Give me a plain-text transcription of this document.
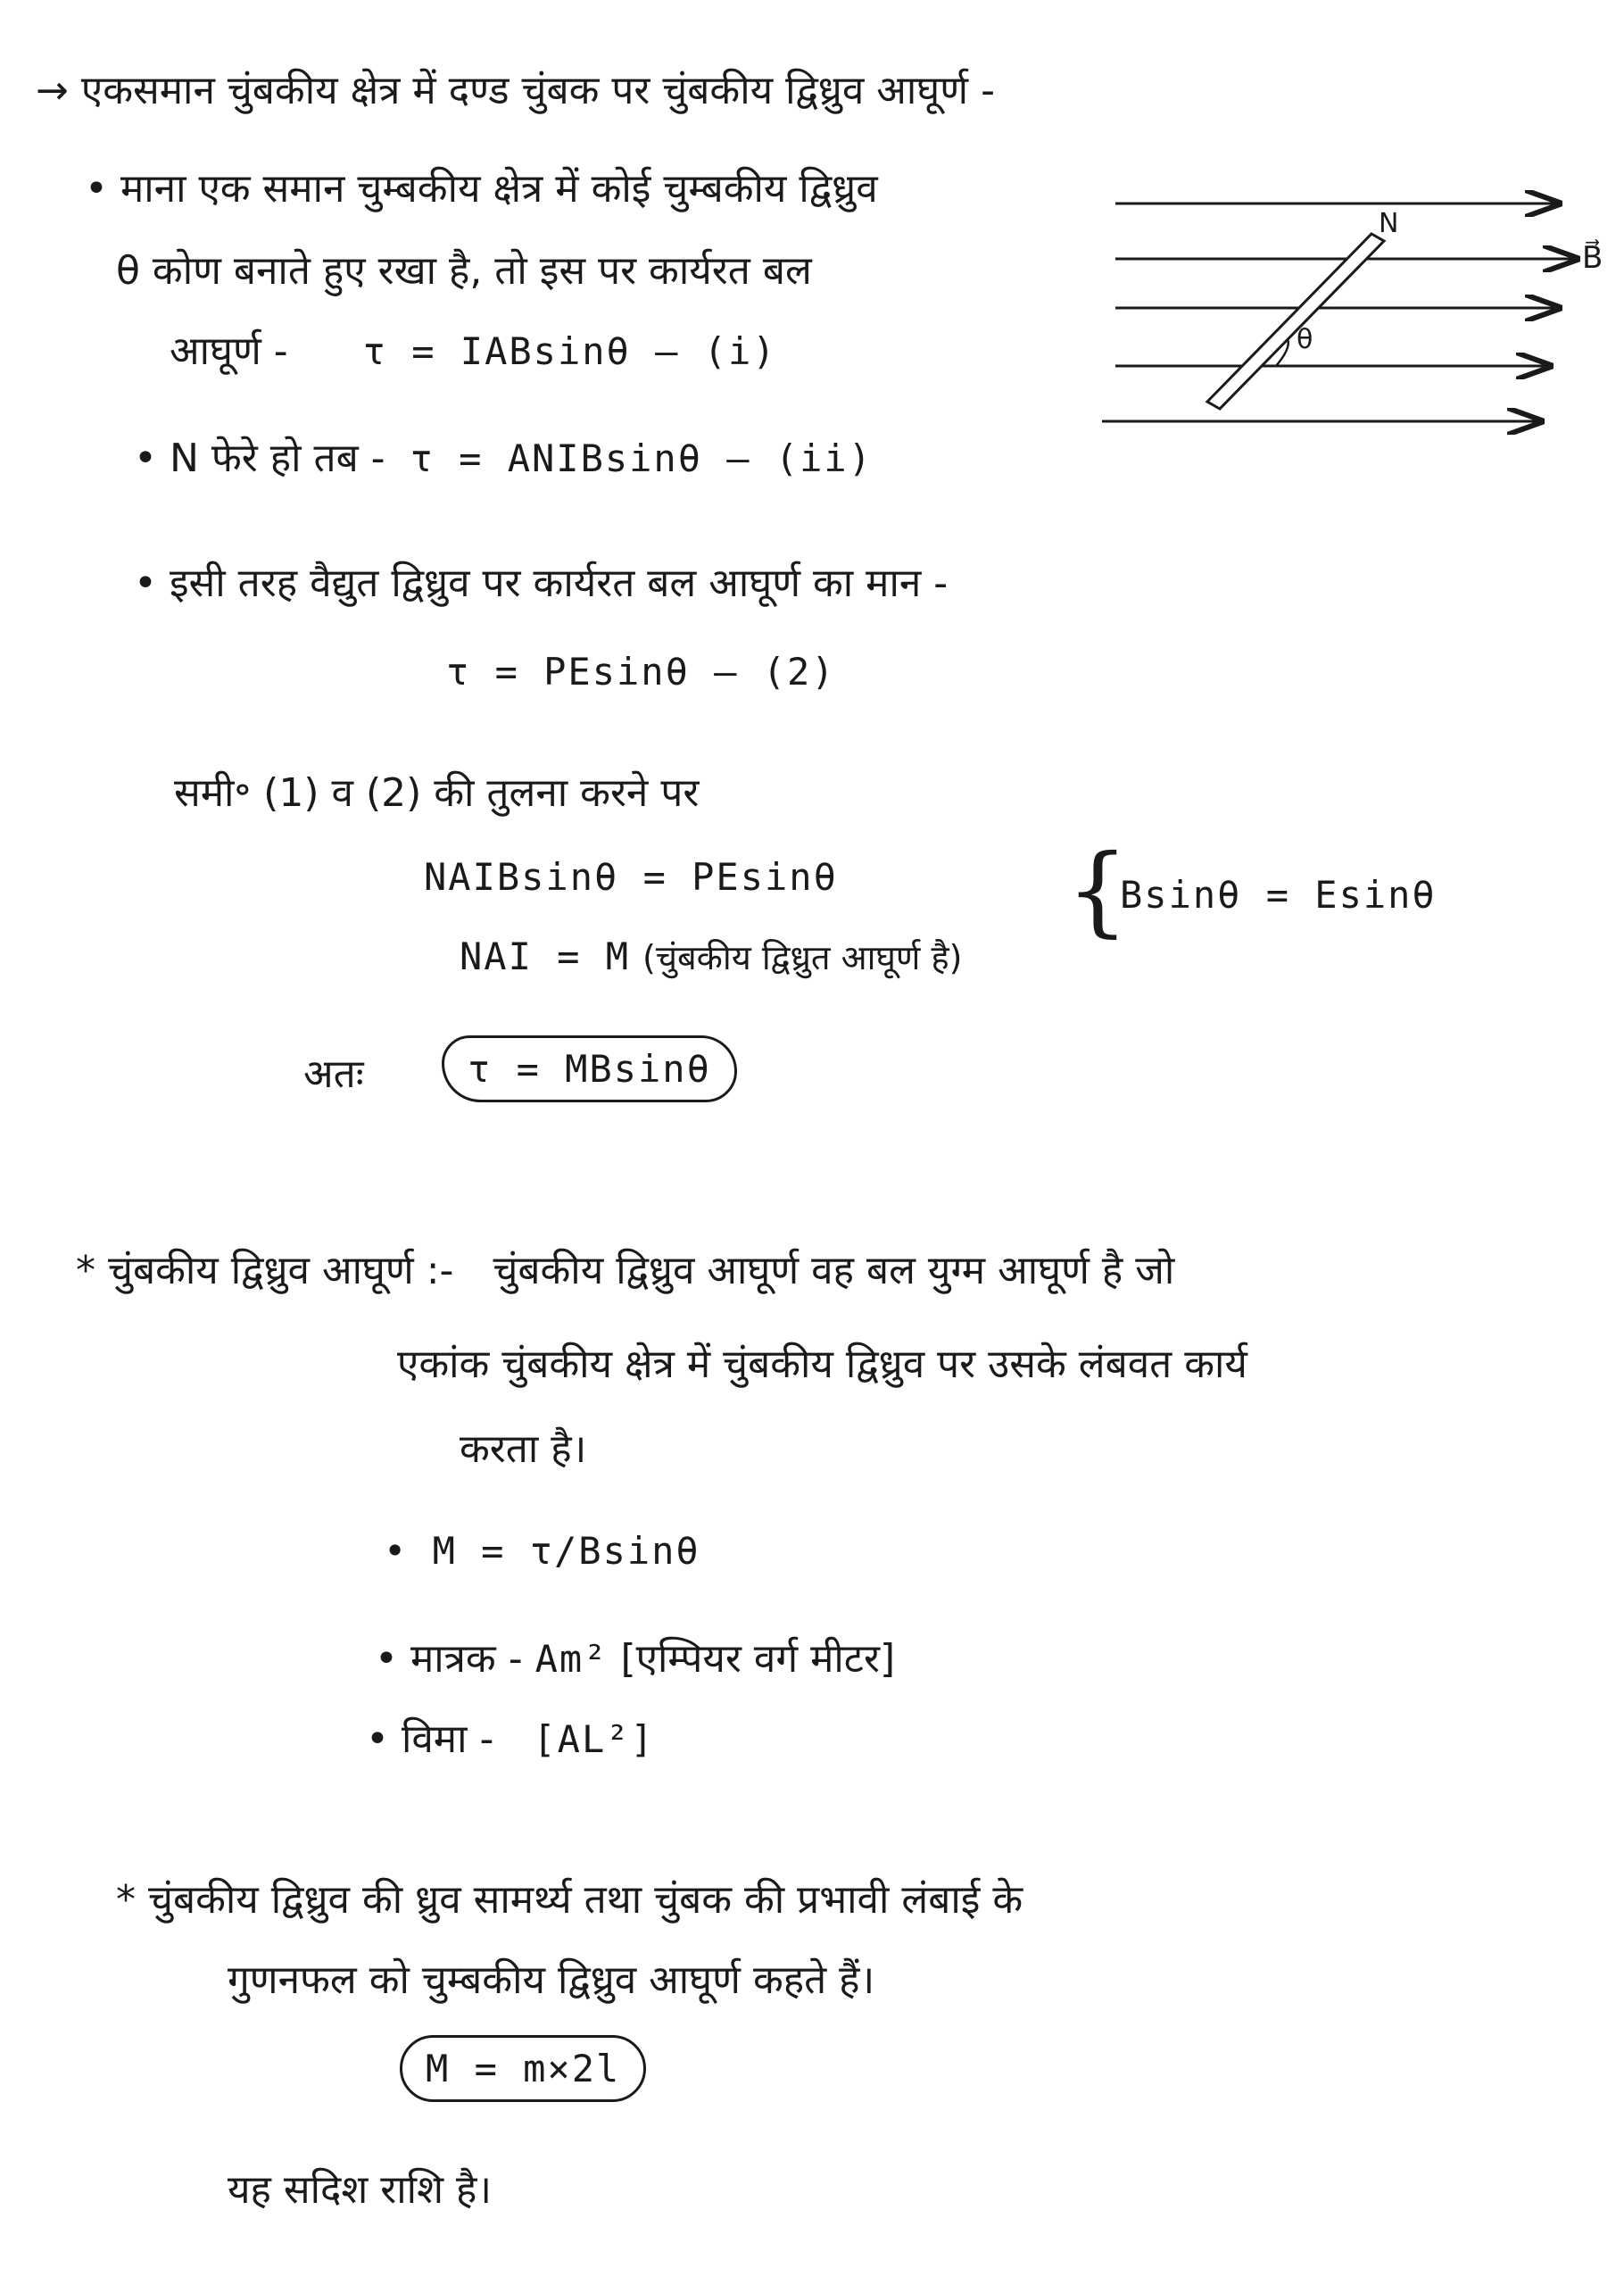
→ एकसमान चुंबकीय क्षेत्र में दण्ड चुंबक पर चुंबकीय द्विध्रुव आघूर्ण -
• माना एक समान चुम्बकीय क्षेत्र में कोई चुम्बकीय द्विध्रुव
θ कोण बनाते हुए रखा है, तो इस पर कार्यरत बल
आघूर्ण - τ = IABsinθ — (i)
N
θ
B⃗
• N फेरे हो तब - τ = ANIBsinθ — (ii)
• इसी तरह वैद्युत द्विध्रुव पर कार्यरत बल आघूर्ण का मान -
τ = PEsinθ — (2)
समी॰ (1) व (2) की तुलना करने पर
NAIBsinθ = PEsinθ {
Bsinθ = Esinθ
NAI = M (चुंबकीय द्विध्रुत आघूर्ण है)
अतः	τ = MBsinθ
* चुंबकीय द्विध्रुव आघूर्ण :- चुंबकीय द्विध्रुव आघूर्ण वह बल युग्म आघूर्ण है जो
एकांक चुंबकीय क्षेत्र में चुंबकीय द्विध्रुव पर उसके लंबवत कार्य
करता है।
• M = τ/Bsinθ
• मात्रक - Am² [एम्पियर वर्ग मीटर]
• विमा - [AL²]
* चुंबकीय द्विध्रुव की ध्रुव सामर्थ्य तथा चुंबक की प्रभावी लंबाई के
गुणनफल को चुम्बकीय द्विध्रुव आघूर्ण कहते हैं।
M = m×2l
यह सदिश राशि है।
